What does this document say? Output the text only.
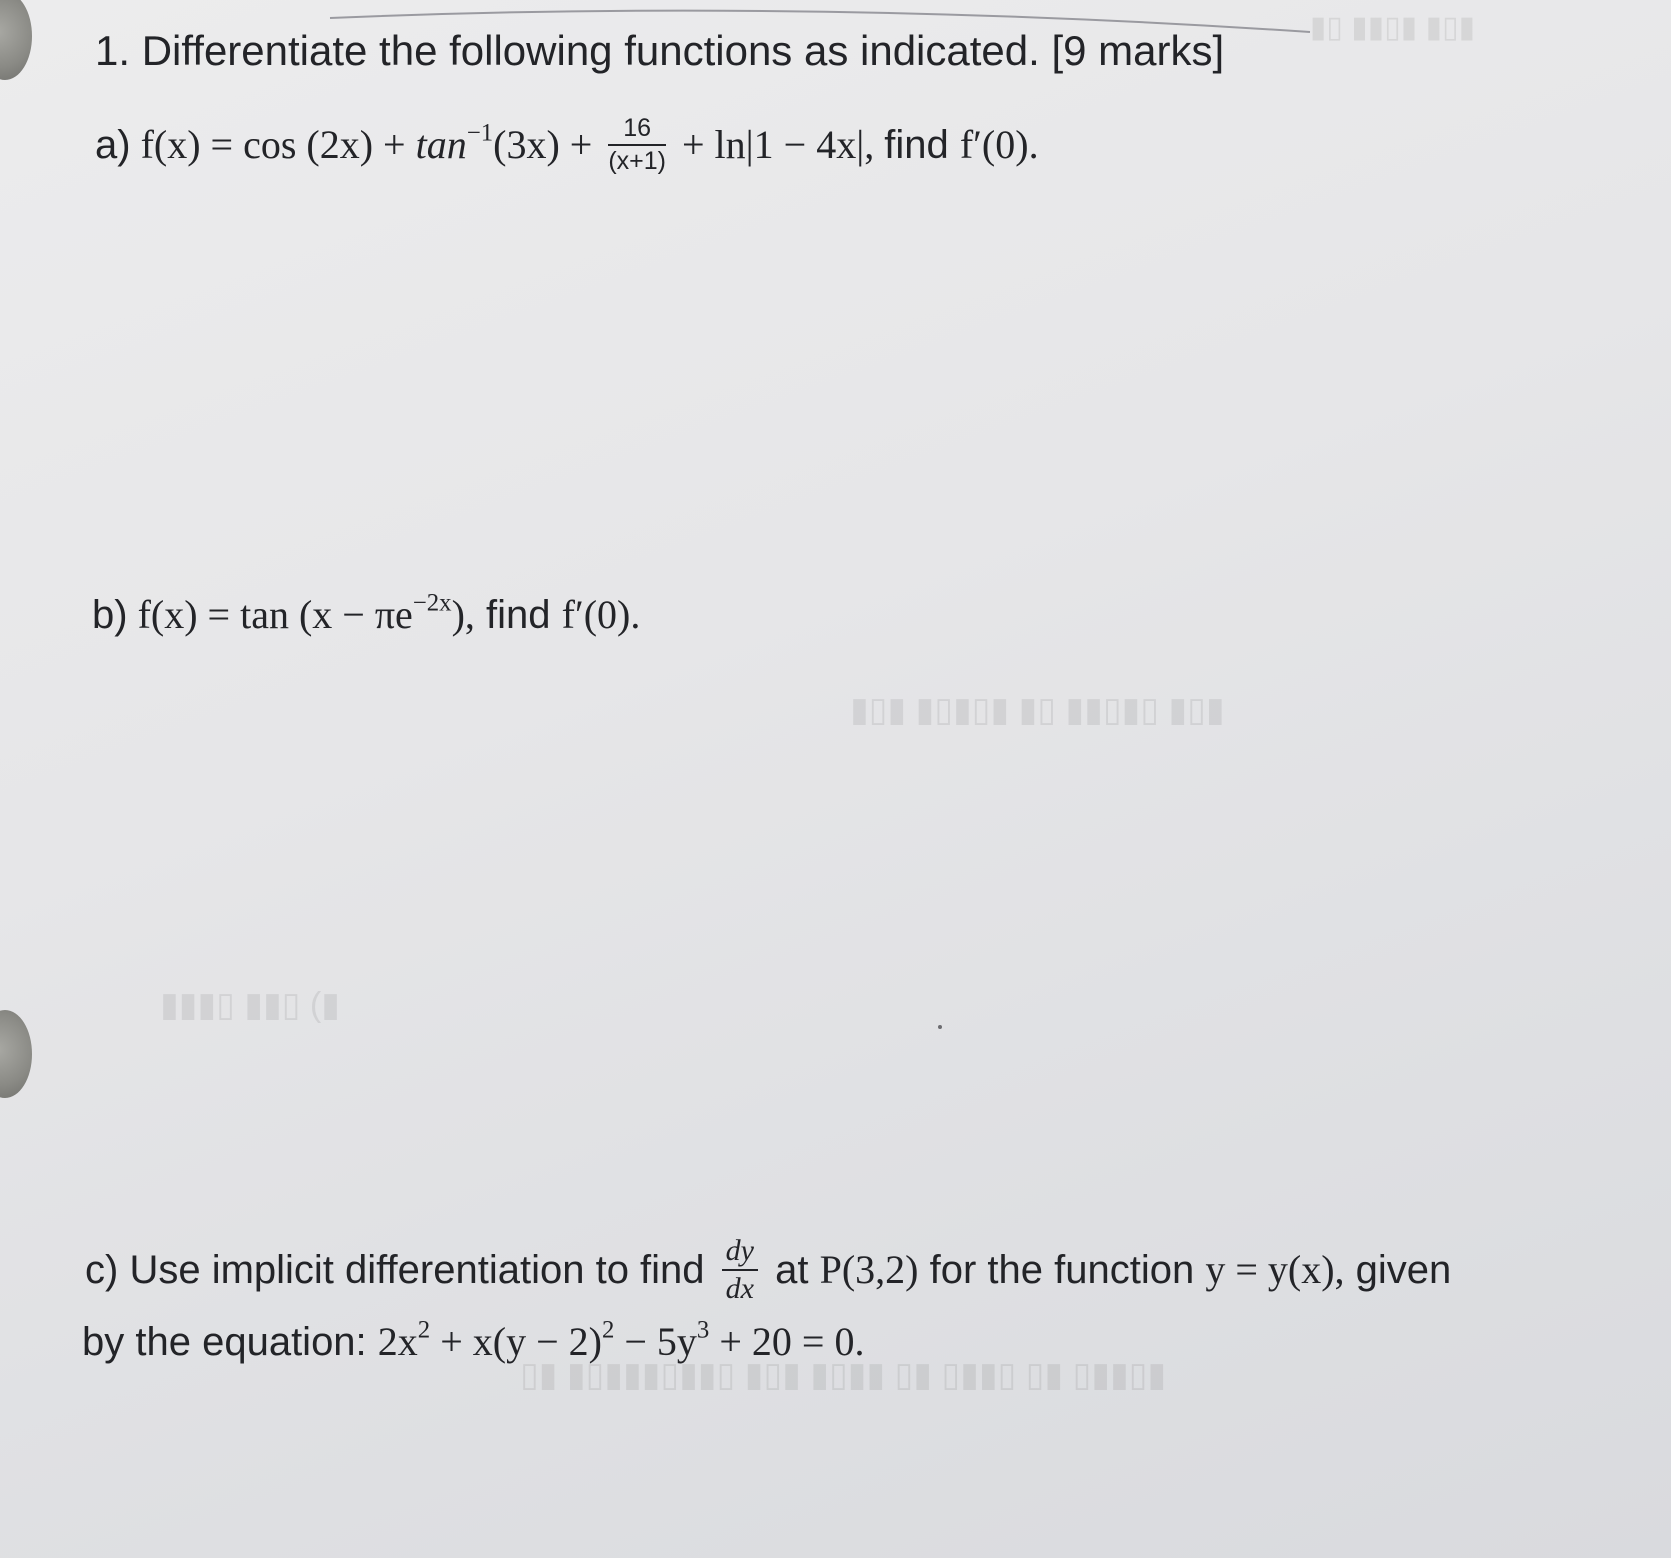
▮▯▮ ▯▮▯▮▮ ▯▮ ▮▯▮▯▮ ▮▯▮
▮) ▯▮▮ ▯▮▮▮
▮▯▮▮▯ ▮▯ ▯▮▮▯ ▮▯ ▮▮▯▮ ▮▯▮ ▯▮▮▯▮▮▮▯▮ ▮▯
▮▯▮ ▮▯▮▮ ▯▮
1. Differentiate the following functions as indicated. [9 marks]
a) $f(x) = \cos (2x) + \tan^{-1}(3x) + \frac{16}{(x+1)} + \ln|1 - 4x|$, find f′(0).
b) $f(x) = \tan (x - \pi e^{-2x})$, find f′(0).
c) Use implicit differentiation to find $\frac{dy}{dx}$ at P(3,2) for the function y = y(x), given
by the equation: $2x^2 + x(y - 2)^2 - 5y^3 + 20 = 0$.
